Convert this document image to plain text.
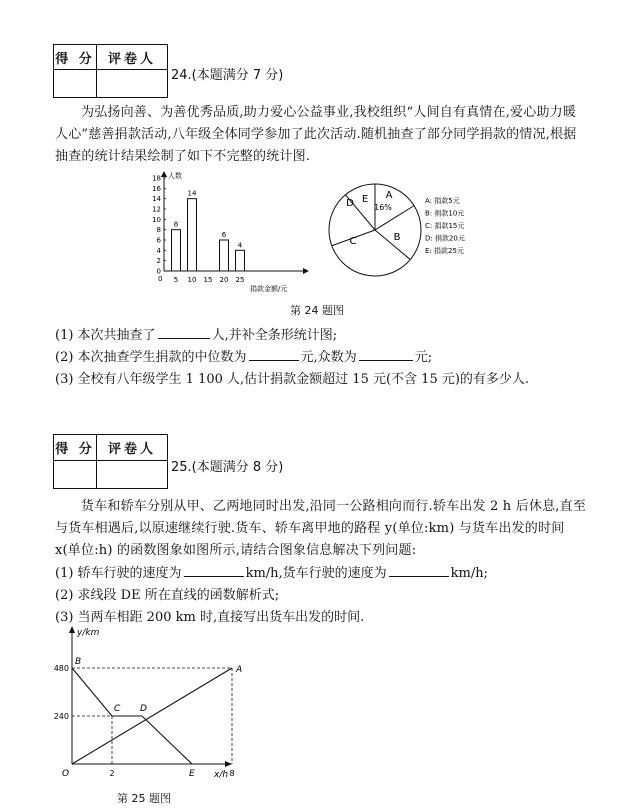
得 分	评卷人

24.(本题满分 7 分)
为弘扬向善、为善优秀品质,助力爱心公益事业,我校组织“人间自有真情在,爱心助力暖
人心”慈善捐款活动,八年级全体同学参加了此次活动.随机抽查了部分同学捐款的情况,根据
抽查的统计结果绘制了如下不完整的统计图.
人数
0
2
4
6
8
10
12
14
16
18
0 5
8
10
14
15 20
6
25
4
捐款金额/元
A
B
C
D E
16%
A: 捐款5元
B: 捐款10元
C: 捐款15元
D: 捐款20元
E: 捐款25元
第 24 题图
(1) 本次共抽查了	人,并补全条形统计图;
(2) 本次抽查学生捐款的中位数为	元,众数为	元;
(3) 全校有八年级学生 1 100 人,估计捐款金额超过 15 元(不含 15 元)的有多少人.
得 分	评卷人

25.(本题满分 8 分)
货车和轿车分别从甲、乙两地同时出发,沿同一公路相向而行.轿车出发 2 h 后休息,直至
与货车相遇后,以原速继续行驶.货车、轿车离甲地的路程 y(单位:km) 与货车出发的时间
x(单位:h) 的函数图象如图所示,请结合图象信息解决下列问题:
(1) 轿车行驶的速度为	km/h,货车行驶的速度为	km/h;
(2) 求线段 DE 所在直线的函数解析式;
(3) 当两车相距 200 km 时,直接写出货车出发的时间.
y/km
x/h
O
240
480
2	8
A
B
C D
E
第 25 题图
